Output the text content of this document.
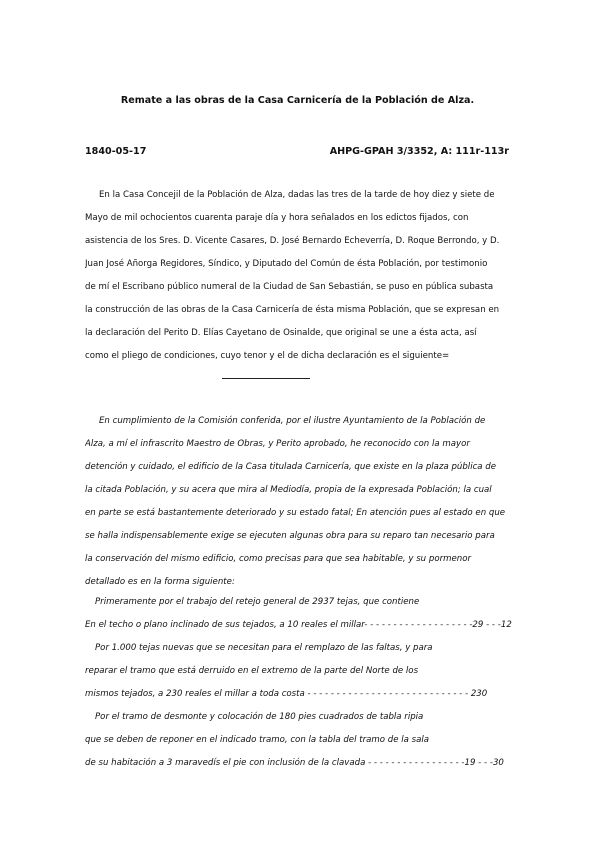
Remate a las obras de la Casa Carnicería de la Población de Alza.
1840-05-17	AHPG-GPAH 3/3352, A: 111r-113r
En la Casa Concejil de la Población de Alza, dadas las tres de la tarde de hoy diez y siete de
Mayo de mil ochocientos cuarenta paraje día y hora señalados en los edictos fijados, con
asistencia de los Sres. D. Vicente Casares, D. José Bernardo Echeverría, D. Roque Berrondo, y D.
Juan José Añorga Regidores, Síndico, y Diputado del Común de ésta Población, por testimonio
de mí el Escribano público numeral de la Ciudad de San Sebastián, se puso en pública subasta
la construcción de las obras de la Casa Carnicería de ésta misma Población, que se expresan en
la declaración del Perito D. Elías Cayetano de Osinalde, que original se une a ésta acta, así
como el pliego de condiciones, cuyo tenor y el de dicha declaración es el siguiente=
En cumplimiento de la Comisión conferida, por el ilustre Ayuntamiento de la Población de
Alza, a mí el infrascrito Maestro de Obras, y Perito aprobado, he reconocido con la mayor
detención y cuidado, el edificio de la Casa titulada Carnicería, que existe en la plaza pública de
la citada Población, y su acera que mira al Mediodía, propia de la expresada Población; la cual
en parte se está bastantemente deteriorado y su estado fatal; En atención pues al estado en que
se halla indispensablemente exige se ejecuten algunas obra para su reparo tan necesario para
la conservación del mismo edificio, como precisas para que sea habitable, y su pormenor
detallado es en la forma siguiente:
Primeramente por el trabajo del retejo general de 2937 tejas, que contiene
En el techo o plano inclinado de sus tejados, a 10 reales el millar- - - - - - - - - - - - - - - - - - -29 - - -12
Por 1.000 tejas nuevas que se necesitan para el remplazo de las faltas, y para
reparar el tramo que está derruido en el extremo de la parte del Norte de los
mismos tejados, a 230 reales el millar a toda costa - - - - - - - - - - - - - - - - - - - - - - - - - - - - 230
Por el tramo de desmonte y colocación de 180 pies cuadrados de tabla ripia
que se deben de reponer en el indicado tramo, con la tabla del tramo de la sala
de su habitación a 3 maravedís el pie con inclusión de la clavada - - - - - - - - - - - - - - - - -19 - - -30
